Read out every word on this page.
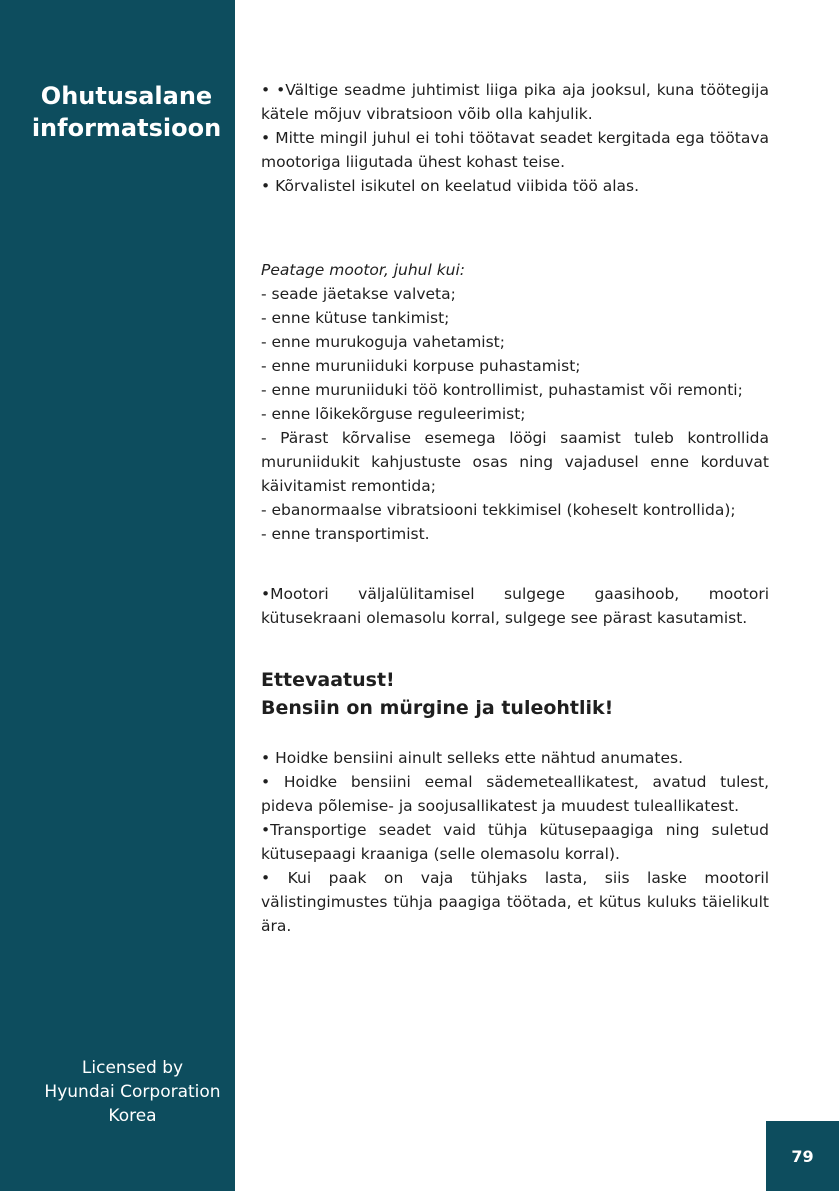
Ohutusalane
informatsioon
Licensed by
Hyundai Corporation
Korea

• •Vältige seadme juhtimist liiga pika aja jooksul, kuna töötegija kätele mõjuv vibratsioon võib olla kahjulik.

• Mitte mingil juhul ei tohi töötavat seadet kergitada ega töötava mootoriga liigutada ühest kohast teise.

• Kõrvalistel isikutel on keelatud viibida töö alas.

Peatage mootor, juhul kui:

- seade jäetakse valveta;

- enne kütuse tankimist;

- enne murukoguja vahetamist;

- enne muruniiduki korpuse puhastamist;

- enne muruniiduki töö kontrollimist, puhastamist või remonti;

- enne lõikekõrguse reguleerimist;

- Pärast kõrvalise esemega löögi saamist tuleb kontrollida muruniidukit kahjustuste osas ning vajadusel enne korduvat käivitamist remontida;

- ebanormaalse vibratsiooni tekkimisel (koheselt kontrollida);

- enne transportimist.

•Mootori väljalülitamisel sulgege gaasihoob, mootori kütusekraani olemasolu korral, sulgege see pärast kasutamist.

Ettevaatust!

Bensiin on mürgine ja tuleohtlik!

• Hoidke bensiini ainult selleks ette nähtud anumates.

• Hoidke bensiini eemal sädemeteallikatest, avatud tulest, pideva põlemise- ja soojusallikatest ja muudest tuleallikatest.

•Transportige seadet vaid tühja kütusepaagiga ning suletud kütusepaagi kraaniga (selle olemasolu korral).

• Kui paak on vaja tühjaks lasta, siis laske mootoril välistingimustes tühja paagiga töötada, et kütus kuluks täielikult ära.

79
